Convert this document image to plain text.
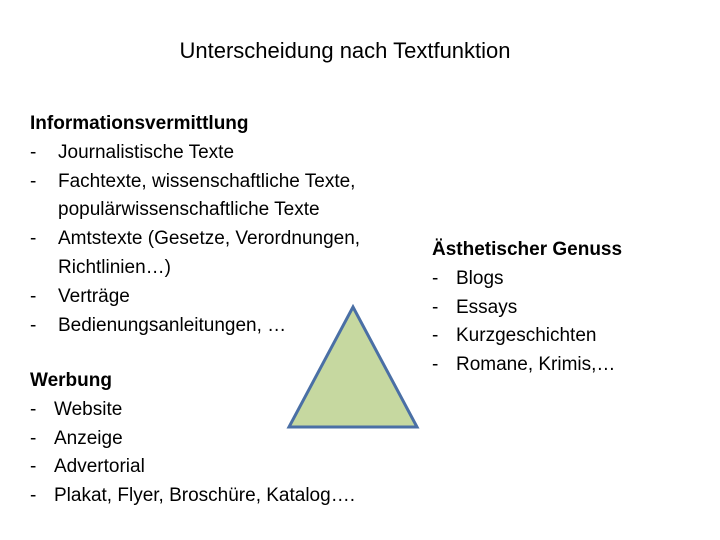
Unterscheidung nach Textfunktion
Informationsvermittlung
- Journalistische Texte
- Fachtexte, wissenschaftliche Texte, populärwissenschaftliche Texte
- Amtstexte (Gesetze, Verordnungen, Richtlinien…)
- Verträge
- Bedienungsanleitungen, …
Werbung
- Website
- Anzeige
- Advertorial
- Plakat, Flyer, Broschüre, Katalog….
Ästhetischer Genuss
- Blogs
- Essays
- Kurzgeschichten
- Romane, Krimis,…
